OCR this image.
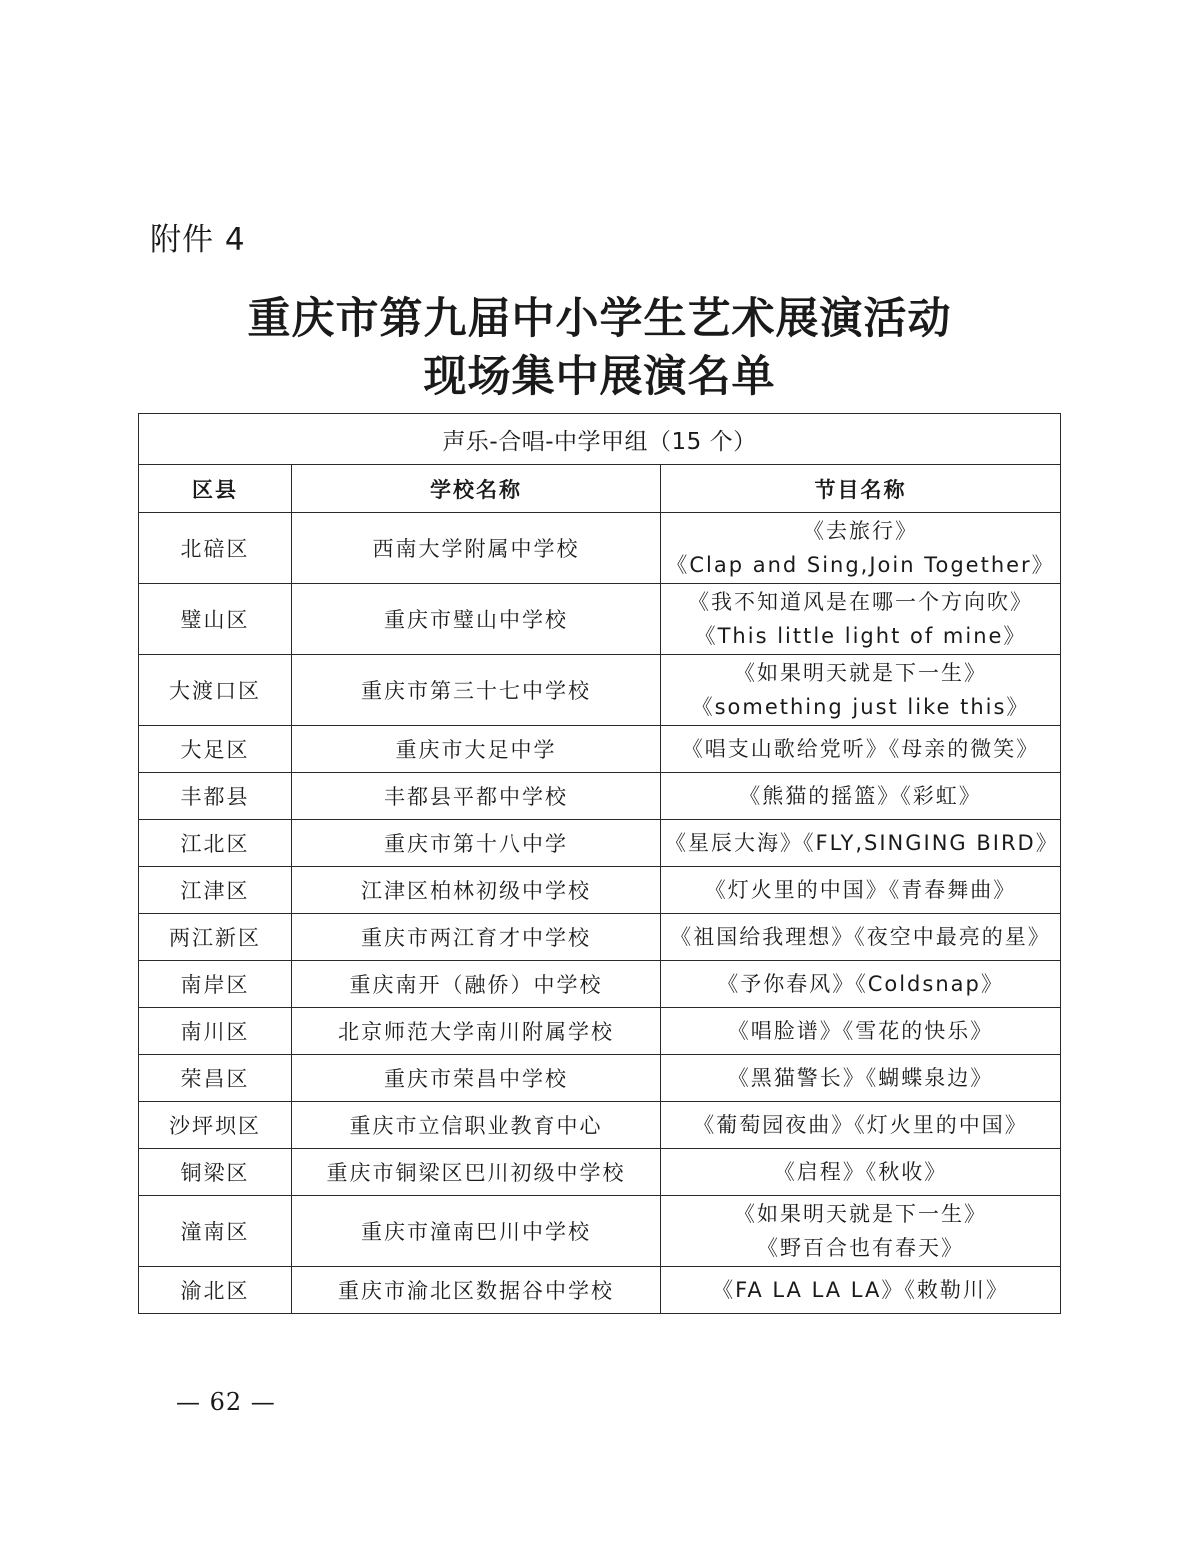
附件 4
重庆市第九届中小学生艺术展演活动
现场集中展演名单
声乐-合唱-中学甲组（15 个）		
区县	学校名称	节目名称
北碚区	西南大学附属中学校	《去旅行》
《Clap and Sing,Join Together》

璧山区	重庆市璧山中学校	《我不知道风是在哪一个方向吹》
《This little light of mine》

大渡口区	重庆市第三十七中学校	《如果明天就是下一生》
《something just like this》

大足区	重庆市大足中学	《唱支山歌给党听》《母亲的微笑》

丰都县	丰都县平都中学校	《熊猫的摇篮》《彩虹》

江北区	重庆市第十八中学	《星辰大海》《FLY,SINGING BIRD》

江津区	江津区柏林初级中学校	《灯火里的中国》《青春舞曲》

两江新区	重庆市两江育才中学校	《祖国给我理想》《夜空中最亮的星》

南岸区	重庆南开（融侨）中学校	《予你春风》《Coldsnap》

南川区	北京师范大学南川附属学校	《唱脸谱》《雪花的快乐》

荣昌区	重庆市荣昌中学校	《黑猫警长》《蝴蝶泉边》

沙坪坝区	重庆市立信职业教育中心	《葡萄园夜曲》《灯火里的中国》

铜梁区	重庆市铜梁区巴川初级中学校	《启程》《秋收》

潼南区	重庆市潼南巴川中学校	《如果明天就是下一生》
《野百合也有春天》

渝北区	重庆市渝北区数据谷中学校	《FA LA LA LA》《敕勒川》

— 62 —
